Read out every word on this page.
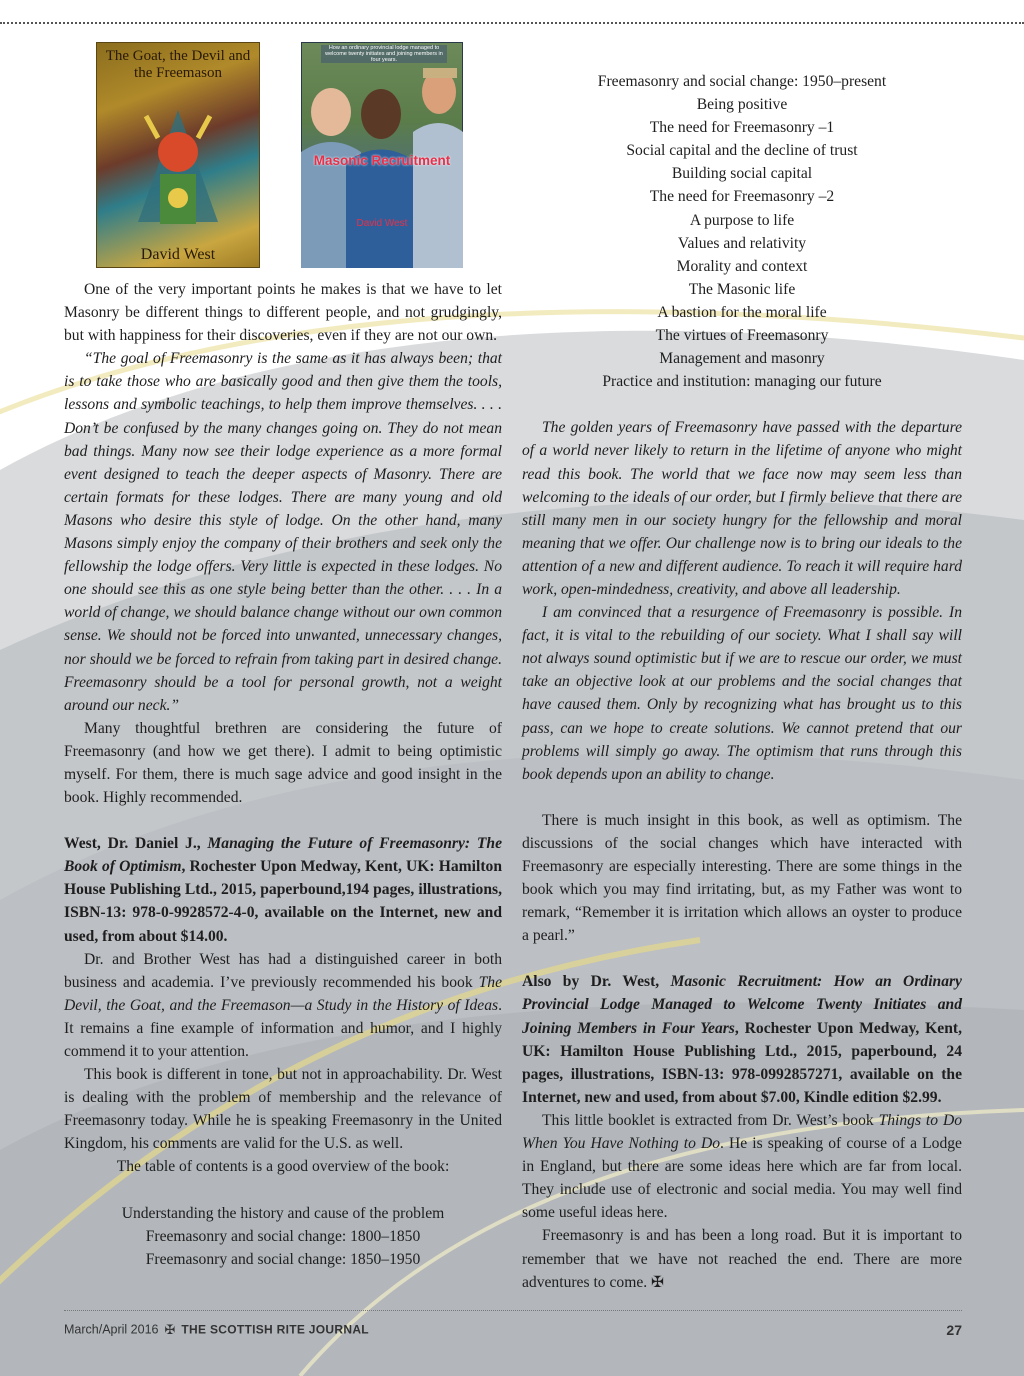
The Goat, the Devil and the Freemason
David West
How an ordinary provincial lodge managed to welcome twenty initiates and joining members in four years.
Masonic Recruitment
David West

One of the very important points he makes is that we have to let Masonry be different things to different people, and not grudgingly, but with happiness for their discoveries, even if they are not our own.

“The goal of Freemasonry is the same as it has always been; that is to take those who are basically good and then give them the tools, lessons and symbolic teachings, to help them improve themselves. . . . Don’t be confused by the many changes going on. They do not mean bad things. Many now see their lodge experience as a more formal event designed to teach the deeper aspects of Masonry. There are certain formats for these lodges. There are many young and old Masons who desire this style of lodge. On the other hand, many Masons simply enjoy the company of their brothers and seek only the fellowship the lodge offers. Very little is expected in these lodges. No one should see this as one style being better than the other. . . . In a world of change, we should balance change without our own common sense. We should not be forced into unwanted, unnecessary changes, nor should we be forced to refrain from taking part in desired change. Freemasonry should be a tool for personal growth, not a weight around our neck.”

Many thoughtful brethren are considering the future of Freemasonry (and how we get there). I admit to being optimistic myself. For them, there is much sage advice and good insight in the book. Highly recommended.

West, Dr. Daniel J., Managing the Future of Freemasonry: The Book of Optimism, Rochester Upon Medway, Kent, UK: Hamilton House Publishing Ltd., 2015, paperbound,194 pages, illustrations, ISBN-13: 978-0-9928572-4-0, available on the Internet, new and used, from about $14.00.

Dr. and Brother West has had a distinguished career in both business and academia. I’ve previously recommended his book The Devil, the Goat, and the Freemason—a Study in the History of Ideas. It remains a fine example of information and humor, and I highly commend it to your attention.

This book is different in tone, but not in approachability. Dr. West is dealing with the problem of membership and the relevance of Freemasonry today. While he is speaking Freemasonry in the United Kingdom, his comments are valid for the U.S. as well.

The table of contents is a good overview of the book:

Understanding the history and cause of the problem
Freemasonry and social change: 1800–1850
Freemasonry and social change: 1850–1950
Freemasonry and social change: 1950–present
Being positive
The need for Freemasonry –1
Social capital and the decline of trust
Building social capital
The need for Freemasonry –2
A purpose to life
Values and relativity
Morality and context
The Masonic life
A bastion for the moral life
The virtues of Freemasonry
Management and masonry
Practice and institution: managing our future

The golden years of Freemasonry have passed with the departure of a world never likely to return in the lifetime of anyone who might read this book. The world that we face now may seem less than welcoming to the ideals of our order, but I firmly believe that there are still many men in our society hungry for the fellowship and moral meaning that we offer. Our challenge now is to bring our ideals to the attention of a new and different audience. To reach it will require hard work, open-mindedness, creativity, and above all leadership.

I am convinced that a resurgence of Freemasonry is possible. In fact, it is vital to the rebuilding of our society. What I shall say will not always sound optimistic but if we are to rescue our order, we must take an objective look at our problems and the social changes that have caused them. Only by recognizing what has brought us to this pass, can we hope to create solutions. We cannot pretend that our problems will simply go away. The optimism that runs through this book depends upon an ability to change.

There is much insight in this book, as well as optimism. The discussions of the social changes which have interacted with Freemasonry are especially interesting. There are some things in the book which you may find irritating, but, as my Father was wont to remark, “Remember it is irritation which allows an oyster to produce a pearl.”

Also by Dr. West, Masonic Recruitment: How an Ordinary Provincial Lodge Managed to Welcome Twenty Initiates and Joining Members in Four Years, Rochester Upon Medway, Kent, UK: Hamilton House Publishing Ltd., 2015, paperbound, 24 pages, illustrations, ISBN-13: 978-0992857271, available on the Internet, new and used, from about $7.00, Kindle edition $2.99.

This little booklet is extracted from Dr. West’s book Things to Do When You Have Nothing to Do. He is speaking of course of a Lodge in England, but there are some ideas here which are far from local. They include use of electronic and social media. You may well find some useful ideas here.

Freemasonry is and has been a long road. But it is important to remember that we have not reached the end. There are more adventures to come. ✠

March/April 2016 ✠ THE SCOTTISH RITE JOURNAL	27
